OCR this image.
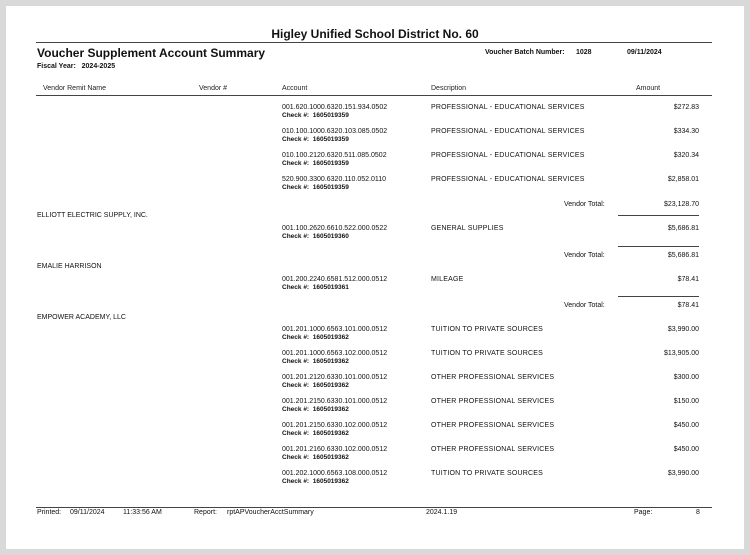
Higley Unified School District No. 60
Voucher Supplement Account Summary	Voucher Batch Number: 1028	09/11/2024
Fiscal Year: 2024-2025
Vendor Remit Name	Vendor #	Account	Description	Amount
001.620.1000.6320.151.934.0502
Check #: 1605019359
PROFESSIONAL - EDUCATIONAL SERVICES	$272.83
010.100.1000.6320.103.085.0502
Check #: 1605019359
PROFESSIONAL - EDUCATIONAL SERVICES	$334.30
010.100.2120.6320.511.085.0502
Check #: 1605019359
PROFESSIONAL - EDUCATIONAL SERVICES	$320.34
520.900.3300.6320.110.052.0110
Check #: 1605019359
PROFESSIONAL - EDUCATIONAL SERVICES	$2,858.01
Vendor Total:	$23,128.70
ELLIOTT ELECTRIC SUPPLY, INC.
001.100.2620.6610.522.000.0522
Check #: 1605019360
GENERAL SUPPLIES	$5,686.81
Vendor Total:	$5,686.81
EMALIE HARRISON
001.200.2240.6581.512.000.0512
Check #: 1605019361
MILEAGE	$78.41
Vendor Total:	$78.41
EMPOWER ACADEMY, LLC
001.201.1000.6563.101.000.0512
Check #: 1605019362
TUITION TO PRIVATE SOURCES	$3,990.00
001.201.1000.6563.102.000.0512
Check #: 1605019362
TUITION TO PRIVATE SOURCES	$13,905.00
001.201.2120.6330.101.000.0512
Check #: 1605019362
OTHER PROFESSIONAL SERVICES	$300.00
001.201.2150.6330.101.000.0512
Check #: 1605019362
OTHER PROFESSIONAL SERVICES	$150.00
001.201.2150.6330.102.000.0512
Check #: 1605019362
OTHER PROFESSIONAL SERVICES	$450.00
001.201.2160.6330.102.000.0512
Check #: 1605019362
OTHER PROFESSIONAL SERVICES	$450.00
001.202.1000.6563.108.000.0512
Check #: 1605019362
TUITION TO PRIVATE SOURCES	$3,990.00
Printed: 09/11/2024	11:33:56 AM	Report: rptAPVoucherAcctSummary	2024.1.19	Page:	8
